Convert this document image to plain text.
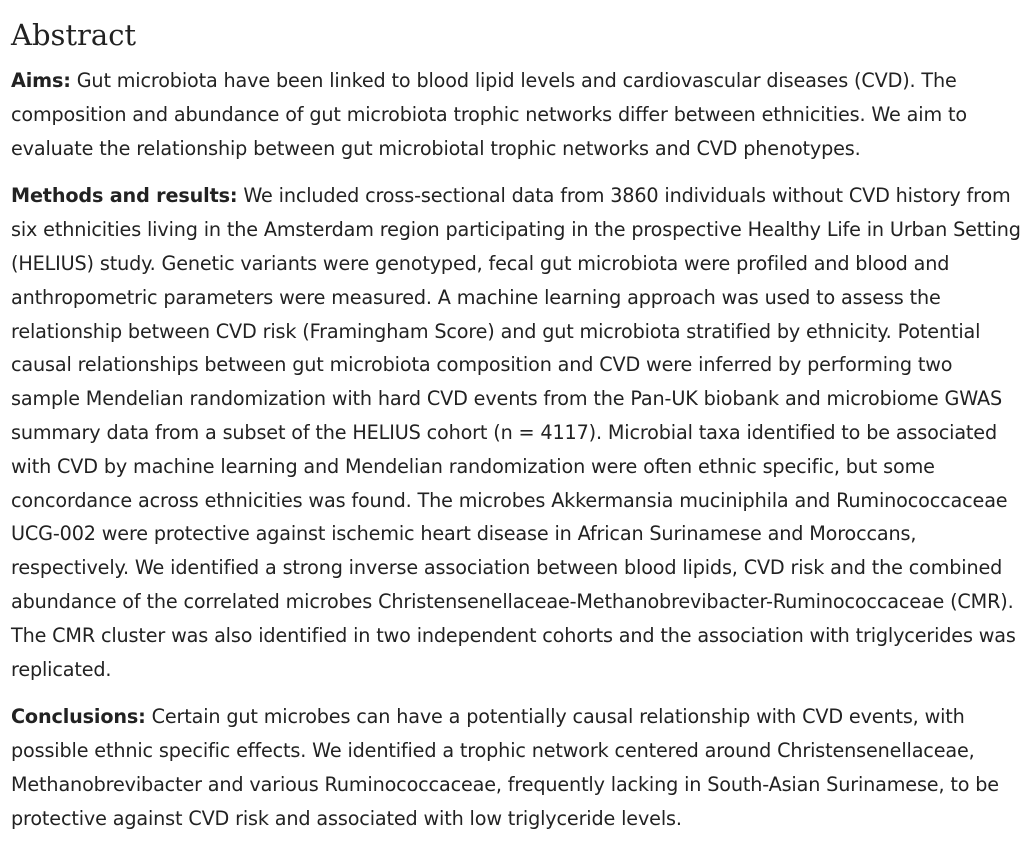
Abstract

Aims: Gut microbiota have been linked to blood lipid levels and cardiovascular diseases (CVD). The composition and abundance of gut microbiota trophic networks differ between ethnicities. We aim to evaluate the relationship between gut microbiotal trophic networks and CVD phenotypes.

Methods and results: We included cross-sectional data from 3860 individuals without CVD history from six ethnicities living in the Amsterdam region participating in the prospective Healthy Life in Urban Setting (HELIUS) study. Genetic variants were genotyped, fecal gut microbiota were profiled and blood and anthropometric parameters were measured. A machine learning approach was used to assess the relationship between CVD risk (Framingham Score) and gut microbiota stratified by ethnicity. Potential causal relationships between gut microbiota composition and CVD were inferred by performing two sample Mendelian randomization with hard CVD events from the Pan-UK biobank and microbiome GWAS summary data from a subset of the HELIUS cohort (n = 4117). Microbial taxa identified to be associated with CVD by machine learning and Mendelian randomization were often ethnic specific, but some concordance across ethnicities was found. The microbes Akkermansia muciniphila and Ruminococcaceae UCG-002 were protective against ischemic heart disease in African Surinamese and Moroccans, respectively. We identified a strong inverse association between blood lipids, CVD risk and the combined abundance of the correlated microbes Christensenellaceae-Methanobrevibacter-Ruminococcaceae (CMR). The CMR cluster was also identified in two independent cohorts and the association with triglycerides was replicated.

Conclusions: Certain gut microbes can have a potentially causal relationship with CVD events, with possible ethnic specific effects. We identified a trophic network centered around Christensenellaceae, Methanobrevibacter and various Ruminococcaceae, frequently lacking in South-Asian Surinamese, to be protective against CVD risk and associated with low triglyceride levels.
